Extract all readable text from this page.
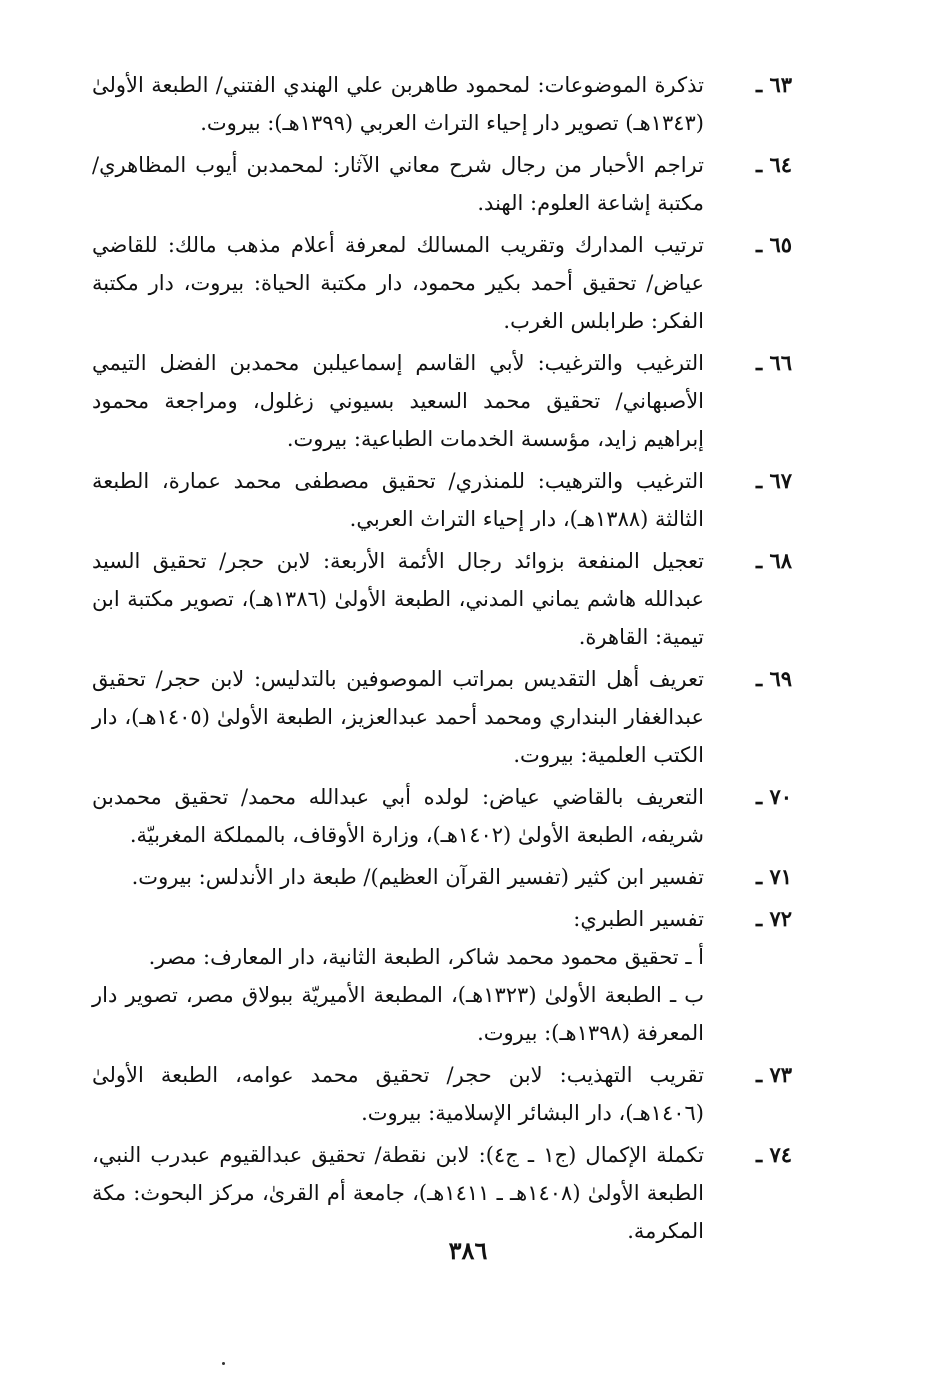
٦٣ ـ
تذكرة الموضوعات: لمحمود طاهربن علي الهندي الفتني/ الطبعة الأولىٰ (١٣٤٣هـ) تصوير دار إحياء التراث العربي (١٣٩٩هـ): بيروت.
٦٤ ـ
تراجم الأحبار من رجال شرح معاني الآثار: لمحمدبن أيوب المظاهري/ مكتبة إشاعة العلوم: الهند.
٦٥ ـ
ترتيب المدارك وتقريب المسالك لمعرفة أعلام مذهب مالك: للقاضي عياض/ تحقيق أحمد بكير محمود، دار مكتبة الحياة: بيروت، دار مكتبة الفكر: طرابلس الغرب.
٦٦ ـ
الترغيب والترغيب: لأبي القاسم إسماعيلبن محمدبن الفضل التيمي الأصبهاني/ تحقيق محمد السعيد بسيوني زغلول، ومراجعة محمود إبراهيم زايد، مؤسسة الخدمات الطباعية: بيروت.
٦٧ ـ
الترغيب والترهيب: للمنذري/ تحقيق مصطفى محمد عمارة، الطبعة الثالثة (١٣٨٨هـ)، دار إحياء التراث العربي.
٦٨ ـ
تعجيل المنفعة بزوائد رجال الأئمة الأربعة: لابن حجر/ تحقيق السيد عبدالله هاشم يماني المدني، الطبعة الأولىٰ (١٣٨٦هـ)، تصوير مكتبة ابن تيمية: القاهرة.
٦٩ ـ
تعريف أهل التقديس بمراتب الموصوفين بالتدليس: لابن حجر/ تحقيق عبدالغفار البنداري ومحمد أحمد عبدالعزيز، الطبعة الأولىٰ (١٤٠٥هـ)، دار الكتب العلمية: بيروت.
٧٠ ـ
التعريف بالقاضي عياض: لولده أبي عبدالله محمد/ تحقيق محمدبن شريفه، الطبعة الأولىٰ (١٤٠٢هـ)، وزارة الأوقاف، بالمملكة المغربيّة.
٧١ ـ
تفسير ابن كثير (تفسير القرآن العظيم)/ طبعة دار الأندلس: بيروت.
٧٢ ـ
تفسير الطبري:
أ ـ تحقيق محمود محمد شاكر، الطبعة الثانية، دار المعارف: مصر.
ب ـ الطبعة الأولىٰ (١٣٢٣هـ)، المطبعة الأميريّة ببولاق مصر، تصوير دار المعرفة (١٣٩٨هـ): بيروت.
٧٣ ـ
تقريب التهذيب: لابن حجر/ تحقيق محمد عوامه، الطبعة الأولىٰ (١٤٠٦هـ)، دار البشائر الإسلامية: بيروت.
٧٤ ـ
تكملة الإكمال (ج١ ـ ج٤): لابن نقطة/ تحقيق عبدالقيوم عبدرب النبي، الطبعة الأولىٰ (١٤٠٨هـ ـ ١٤١١هـ)، جامعة أم القرىٰ، مركز البحوث: مكة المكرمة.
٣٨٦
